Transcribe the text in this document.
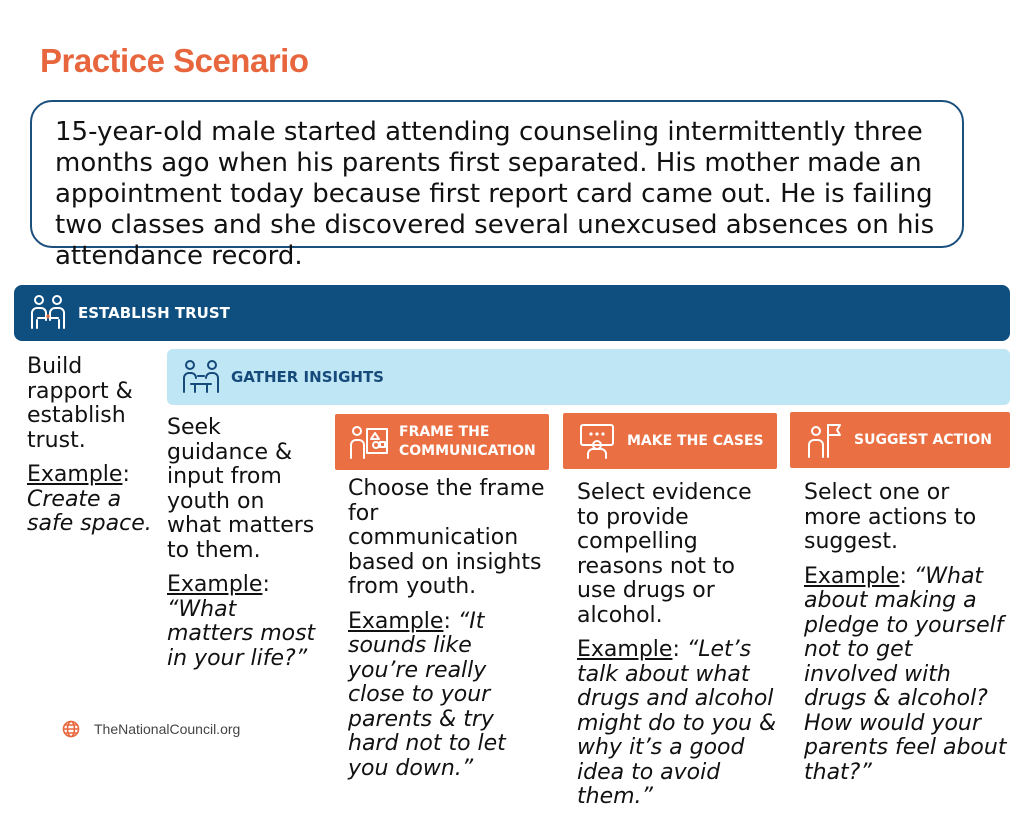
Practice Scenario

15-year-old male started attending counseling intermittently three months ago when his parents first separated. His mother made an appointment today because first report card came out. He is failing two classes and she discovered several unexcused absences on his attendance record.

ESTABLISH TRUST
GATHER INSIGHTS
FRAME THE
COMMUNICATION
MAKE THE CASES	SUGGEST ACTION

Build rapport & establish trust.

Example: Create a safe space.

Seek guidance & input from youth on what matters to them.

Example: “What matters most in your life?”

Choose the frame for communication based on insights from youth.

Example: “It sounds like you’re really close to your parents & try hard not to let you down.”

Select evidence to provide compelling reasons not to use drugs or alcohol.

Example: “Let’s talk about what drugs and alcohol might do to you & why it’s a good idea to avoid them.”

Select one or more actions to suggest.

Example: “What about making a pledge to yourself not to get involved with drugs & alcohol? How would your parents feel about that?”

TheNationalCouncil.org
